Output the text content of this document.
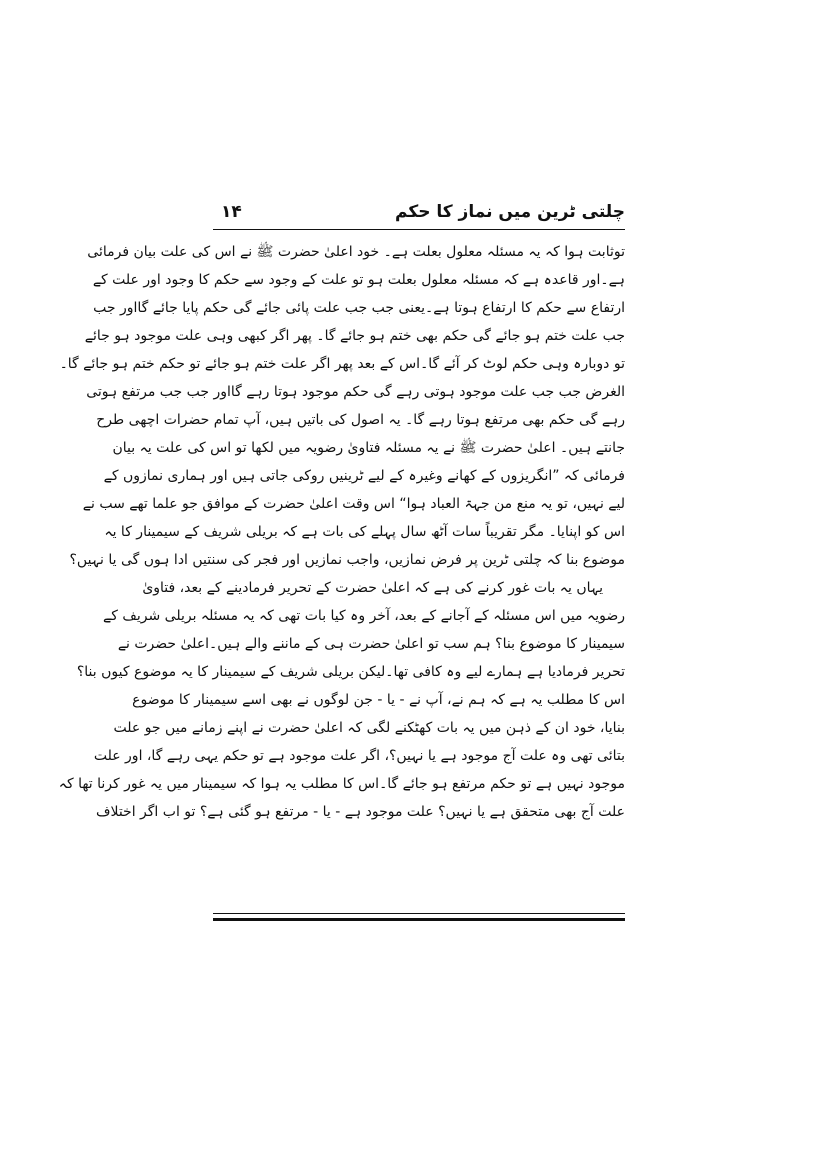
چلتی ٹرین میں نماز کا حکم
۱۴
توثابت ہوا کہ یہ مسئلہ معلول بعلت ہے۔ خود اعلیٰ حضرت ﷺ نے اس کی علت بیان فرمائی
ہے۔اور قاعدہ ہے کہ مسئلہ معلول بعلت ہو تو علت کے وجود سے حکم کا وجود اور علت کے
ارتفاع سے حکم کا ارتفاع ہوتا ہے۔یعنی جب جب علت پائی جائے گی حکم پایا جائے گااور جب
جب علت ختم ہو جائے گی حکم بھی ختم ہو جائے گا۔ پھر اگر کبھی وہی علت موجود ہو جائے
تو دوبارہ وہی حکم لوٹ کر آئے گا۔اس کے بعد پھر اگر علت ختم ہو جائے تو حکم ختم ہو جائے گا۔
الغرض جب جب علت موجود ہوتی رہے گی حکم موجود ہوتا رہے گااور جب جب مرتفع ہوتی
رہے گی حکم بھی مرتفع ہوتا رہے گا۔ یہ اصول کی باتیں ہیں، آپ تمام حضرات اچھی طرح
جانتے ہیں۔ اعلیٰ حضرت ﷺ نے یہ مسئلہ فتاویٰ رضویہ میں لکھا تو اس کی علت یہ بیان
فرمائی کہ ”انگریزوں کے کھانے وغیرہ کے لیے ٹرینیں روکی جاتی ہیں اور ہماری نمازوں کے
لیے نہیں، تو یہ منع من جہۃ العباد ہوا“ اس وقت اعلیٰ حضرت کے موافق جو علما تھے سب نے
اس کو اپنایا۔ مگر تقریباً سات آٹھ سال پہلے کی بات ہے کہ بریلی شریف کے سیمینار کا یہ
موضوع بنا کہ چلتی ٹرین پر فرض نمازیں، واجب نمازیں اور فجر کی سنتیں ادا ہوں گی یا نہیں؟
یہاں یہ بات غور کرنے کی ہے کہ اعلیٰ حضرت کے تحریر فرمادینے کے بعد، فتاویٰ
رضویہ میں اس مسئلہ کے آجانے کے بعد، آخر وہ کیا بات تھی کہ یہ مسئلہ بریلی شریف کے
سیمینار کا موضوع بنا؟ ہم سب تو اعلیٰ حضرت ہی کے ماننے والے ہیں۔اعلیٰ حضرت نے
تحریر فرمادیا ہے ہمارے لیے وہ کافی تھا۔لیکن بریلی شریف کے سیمینار کا یہ موضوع کیوں بنا؟
اس کا مطلب یہ ہے کہ ہم نے، آپ نے - یا - جن لوگوں نے بھی اسے سیمینار کا موضوع
بنایا، خود ان کے ذہن میں یہ بات کھٹکنے لگی کہ اعلیٰ حضرت نے اپنے زمانے میں جو علت
بتائی تھی وہ علت آج موجود ہے یا نہیں؟، اگر علت موجود ہے تو حکم یہی رہے گا، اور علت
موجود نہیں ہے تو حکم مرتفع ہو جائے گا۔اس کا مطلب یہ ہوا کہ سیمینار میں یہ غور کرنا تھا کہ
علت آج بھی متحقق ہے یا نہیں؟ علت موجود ہے - یا - مرتفع ہو گئی ہے؟ تو اب اگر اختلاف
